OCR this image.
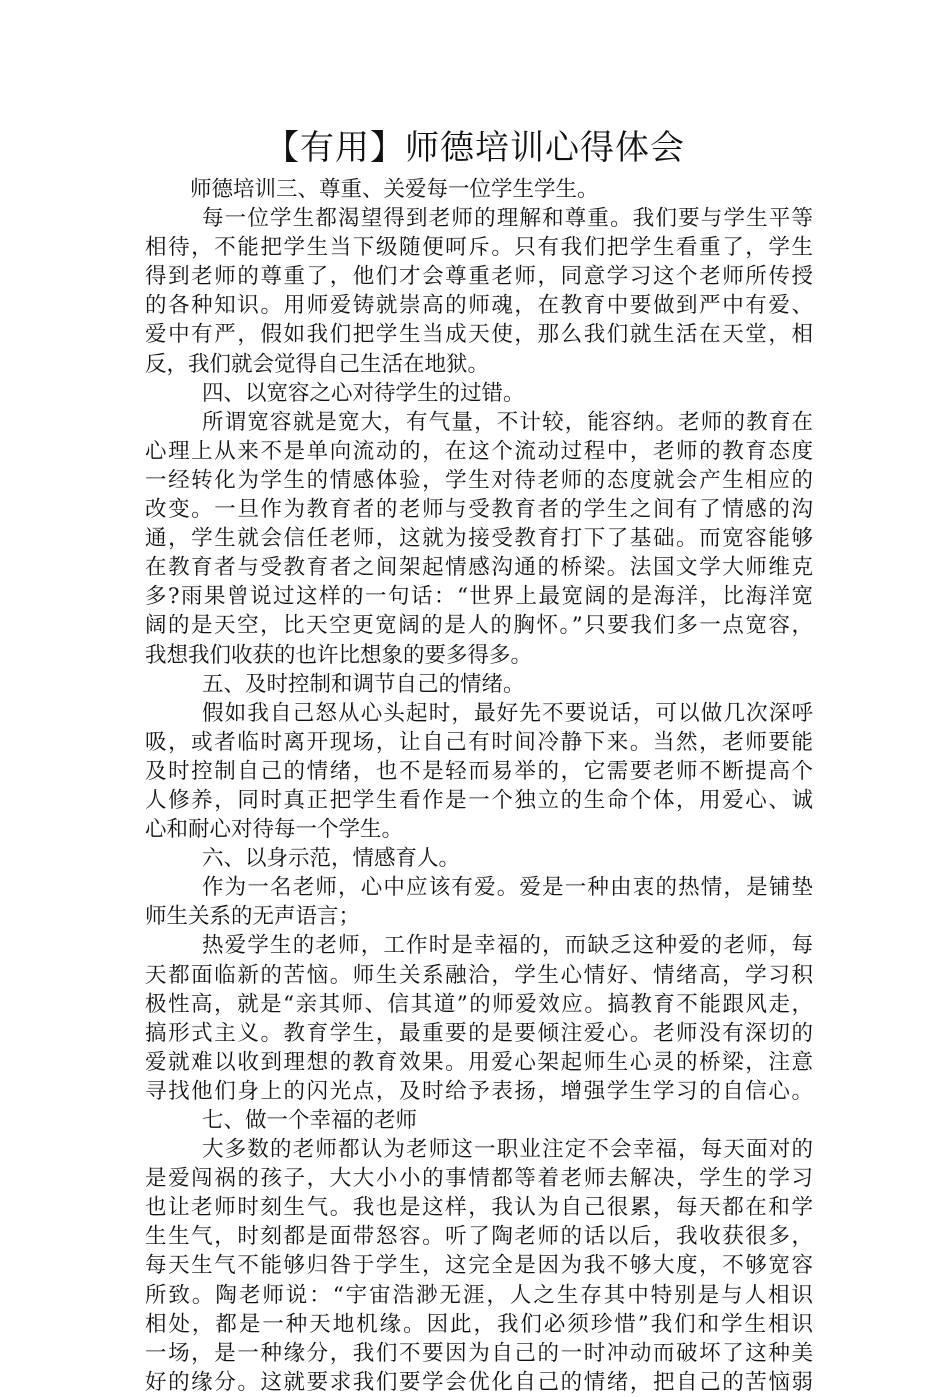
【有用】师德培训心得体会
师德培训三、尊重、关爱每一位学生学生。
每一位学生都渴望得到老师的理解和尊重。我们要与学生平等
相待，不能把学生当下级随便呵斥。只有我们把学生看重了，学生
得到老师的尊重了，他们才会尊重老师，同意学习这个老师所传授
的各种知识。用师爱铸就崇高的师魂，在教育中要做到严中有爱、
爱中有严，假如我们把学生当成天使，那么我们就生活在天堂，相
反，我们就会觉得自己生活在地狱。
四、以宽容之心对待学生的过错。
所谓宽容就是宽大，有气量，不计较，能容纳。老师的教育在
心理上从来不是单向流动的，在这个流动过程中，老师的教育态度
一经转化为学生的情感体验，学生对待老师的态度就会产生相应的
改变。一旦作为教育者的老师与受教育者的学生之间有了情感的沟
通，学生就会信任老师，这就为接受教育打下了基础。而宽容能够
在教育者与受教育者之间架起情感沟通的桥梁。法国文学大师维克
多?雨果曾说过这样的一句话：“世界上最宽阔的是海洋，比海洋宽
阔的是天空，比天空更宽阔的是人的胸怀。”只要我们多一点宽容，
我想我们收获的也许比想象的要多得多。
五、及时控制和调节自己的情绪。
假如我自己怒从心头起时，最好先不要说话，可以做几次深呼
吸，或者临时离开现场，让自己有时间冷静下来。当然，老师要能
及时控制自己的情绪，也不是轻而易举的，它需要老师不断提高个
人修养，同时真正把学生看作是一个独立的生命个体，用爱心、诚
心和耐心对待每一个学生。
六、以身示范，情感育人。
作为一名老师，心中应该有爱。爱是一种由衷的热情，是铺垫
师生关系的无声语言；
热爱学生的老师，工作时是幸福的，而缺乏这种爱的老师，每
天都面临新的苦恼。师生关系融洽，学生心情好、情绪高，学习积
极性高，就是“亲其师、信其道”的师爱效应。搞教育不能跟风走，
搞形式主义。教育学生，最重要的是要倾注爱心。老师没有深切的
爱就难以收到理想的教育效果。用爱心架起师生心灵的桥梁，注意
寻找他们身上的闪光点，及时给予表扬，增强学生学习的自信心。
七、做一个幸福的老师
大多数的老师都认为老师这一职业注定不会幸福，每天面对的
是爱闯祸的孩子，大大小小的事情都等着老师去解决，学生的学习
也让老师时刻生气。我也是这样，我认为自己很累，每天都在和学
生生气，时刻都是面带怒容。听了陶老师的话以后，我收获很多，
每天生气不能够归咎于学生，这完全是因为我不够大度，不够宽容
所致。陶老师说：“宇宙浩渺无涯，人之生存其中特别是与人相识
相处，都是一种天地机缘。因此，我们必须珍惜”我们和学生相识
一场，是一种缘分，我们不要因为自己的一时冲动而破坏了这种美
好的缘分。这就要求我们要学会优化自己的情绪，把自己的苦恼弱
